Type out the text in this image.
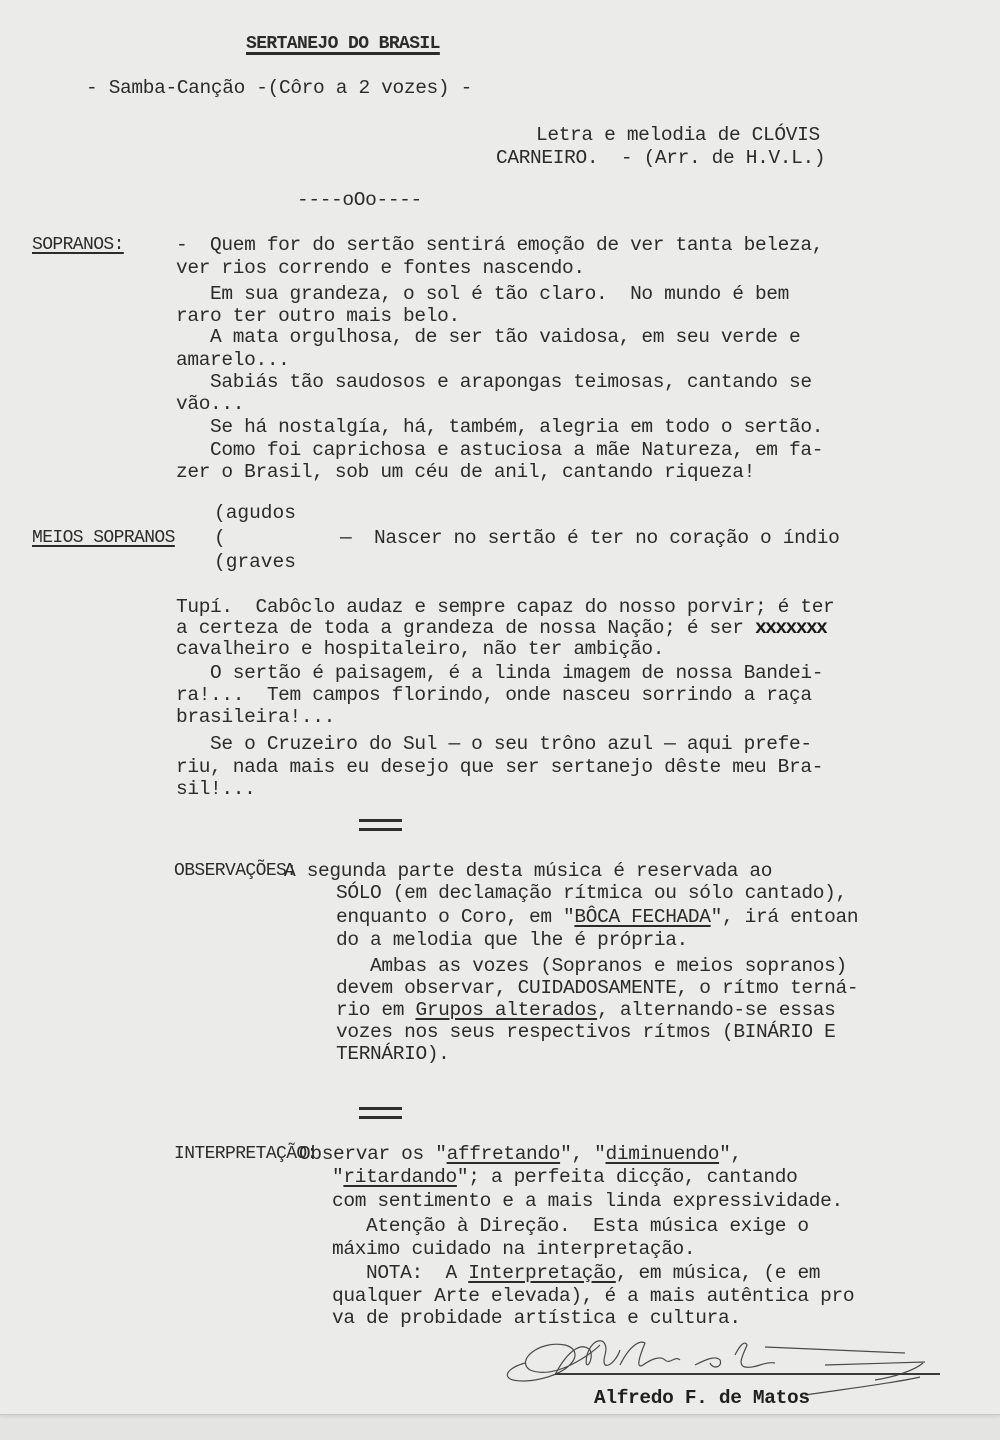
SERTANEJO DO BRASIL
- Samba-Canção -(Côro a 2 vozes) -
Letra e melodia de CLÓVIS
CARNEIRO.  - (Arr. de H.V.L.)
----oOo----
SOPRANOS:	-  Quem for do sertão sentirá emoção de ver tanta beleza,
ver rios correndo e fontes nascendo.
Em sua grandeza, o sol é tão claro.  No mundo é bem
raro ter outro mais belo.
A mata orgulhosa, de ser tão vaidosa, em seu verde e
amarelo...
Sabiás tão saudosos e arapongas teimosas, cantando se
vão...
Se há nostalgía, há, também, alegria em todo o sertão.
Como foi caprichosa e astuciosa a mãe Natureza, em fa-
zer o Brasil, sob um céu de anil, cantando riqueza!
MEIOS SOPRANOS
(agudos
(
(graves
—  Nascer no sertão é ter no coração o índio
Tupí.  Cabôclo audaz e sempre capaz do nosso porvir; é ter
a certeza de toda a grandeza de nossa Nação; é ser xxxxxxx
cavalheiro e hospitaleiro, não ter ambição.
O sertão é paisagem, é a linda imagem de nossa Bandei-
ra!...  Tem campos florindo, onde nasceu sorrindo a raça
brasileira!...
Se o Cruzeiro do Sul — o seu trôno azul — aqui prefe-
riu, nada mais eu desejo que ser sertanejo dêste meu Bra-
sil!...
OBSERVAÇÕES:
A segunda parte desta música é reservada ao
SÓLO (em declamação rítmica ou sólo cantado),
enquanto o Coro, em "BÔCA FECHADA", irá entoan
do a melodia que lhe é própria.
Ambas as vozes (Sopranos e meios sopranos)
devem observar, CUIDADOSAMENTE, o rítmo terná-
rio em Grupos alterados, alternando-se essas
vozes nos seus respectivos rítmos (BINÁRIO E
TERNÁRIO).
INTERPRETAÇÃO:
Observar os "affretando", "diminuendo",
"ritardando"; a perfeita dicção, cantando
com sentimento e a mais linda expressividade.
Atenção à Direção.  Esta música exige o
máximo cuidado na interpretação.
NOTA:  A Interpretação, em música, (e em
qualquer Arte elevada), é a mais autêntica pro
va de probidade artística e cultura.
Alfredo F. de Matos
